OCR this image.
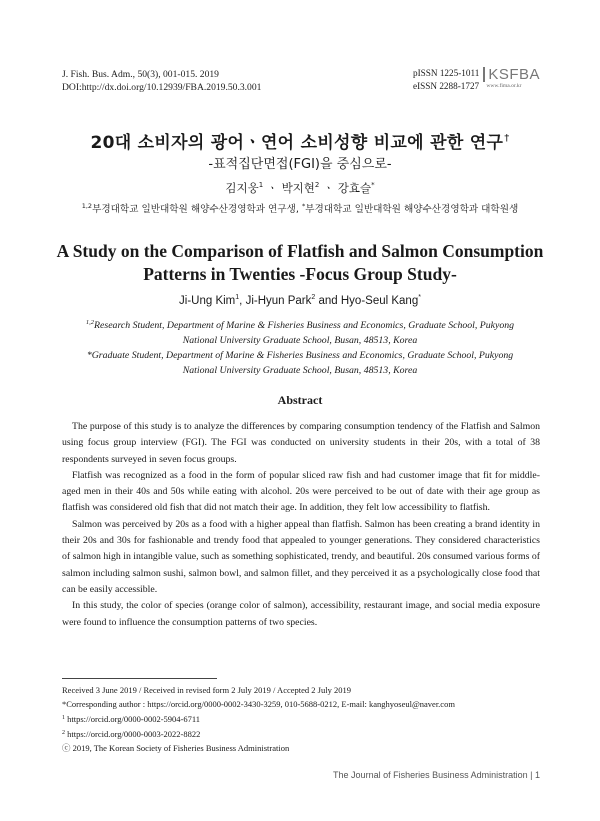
J. Fish. Bus. Adm., 50(3), 001-015. 2019
DOI:http://dx.doi.org/10.12939/FBA.2019.50.3.001
pISSN 1225-1011
eISSN 2288-1727
KSFBA
www.fima.or.kr
20대 소비자의 광어ㆍ연어 소비성향 비교에 관한 연구†
-표적집단면접(FGI)을 중심으로-
김지웅$^1$ ㆍ 박지현$^2$ ㆍ 강효슬*
$^{1,2}$부경대학교 일반대학원 해양수산경영학과 연구생, *부경대학교 일반대학원 해양수산경영학과 대학원생
A Study on the Comparison of Flatfish and Salmon Consumption Patterns in Twenties -Focus Group Study-
Ji-Ung Kim$^1$, Ji-Hyun Park$^2$ and Hyo-Seul Kang*

$^{1,2}$Research Student, Department of Marine & Fisheries Business and Economics, Graduate School, Pukyong National University Graduate School, Busan, 48513, Korea

*Graduate Student, Department of Marine & Fisheries Business and Economics, Graduate School, Pukyong National University Graduate School, Busan, 48513, Korea

Abstract

The purpose of this study is to analyze the differences by comparing consumption tendency of the Flatfish and Salmon using focus group interview (FGI). The FGI was conducted on university students in their 20s, with a total of 38 respondents surveyed in seven focus groups.

Flatfish was recognized as a food in the form of popular sliced raw fish and had customer image that fit for middle-aged men in their 40s and 50s while eating with alcohol. 20s were perceived to be out of date with their age group as flatfish was considered old fish that did not match their age. In addition, they felt low accessibility to flatfish.

Salmon was perceived by 20s as a food with a higher appeal than flatfish. Salmon has been creating a brand identity in their 20s and 30s for fashionable and trendy food that appealed to younger generations. They considered characteristics of salmon high in intangible value, such as something sophisticated, trendy, and beautiful. 20s consumed various forms of salmon including salmon sushi, salmon bowl, and salmon fillet, and they perceived it as a psychologically close food that can be easily accessible.

In this study, the color of species (orange color of salmon), accessibility, restaurant image, and social media exposure were found to influence the consumption patterns of two species.

Received 3 June 2019 / Received in revised form 2 July 2019 / Accepted 2 July 2019
*Corresponding author : https://orcid.org/0000-0002-3430-3259, 010-5688-0212, E-mail: kanghyoseul@naver.com
$^1$ https://orcid.org/0000-0002-5904-6711
$^2$ https://orcid.org/0000-0003-2022-8822
ⓒ 2019, The Korean Society of Fisheries Business Administration
The Journal of Fisheries Business Administration | 1
